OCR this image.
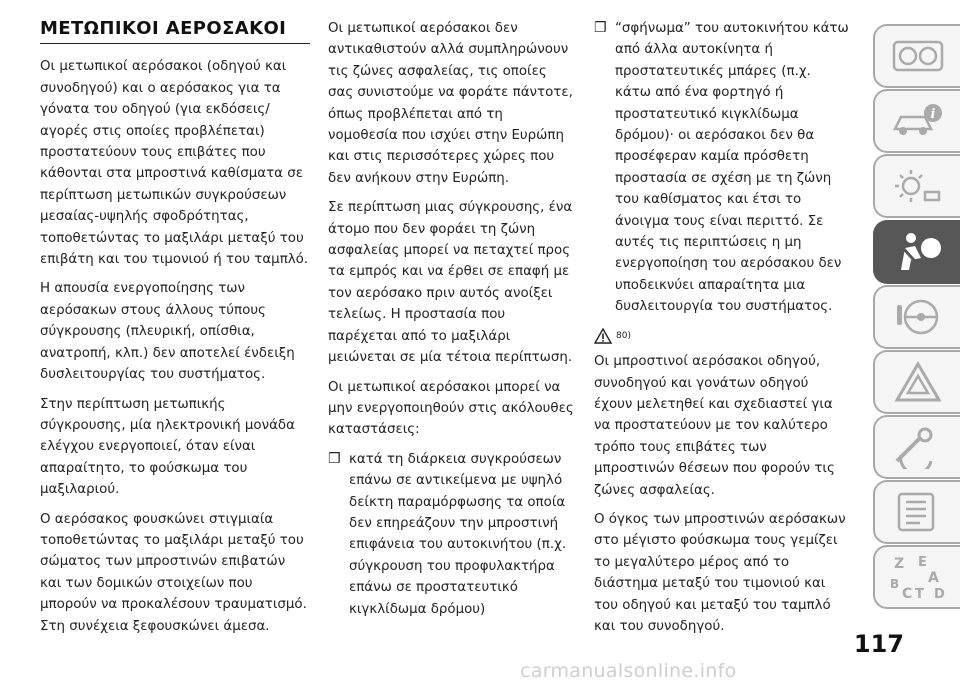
ΜΕΤΩΠΙΚΟΙ ΑΕΡΟΣΑΚΟΙ

Οι μετωπικοί αερόσακοι (οδηγού και συνοδηγού) και ο αερόσακος για τα γόνατα του οδηγού (για εκδόσεις/αγορές στις οποίες προβλέπεται) προστατεύουν τους επιβάτες που κάθονται στα μπροστινά καθίσματα σε περίπτωση μετωπικών συγκρούσεων μεσαίας-υψηλής σφοδρότητας, τοποθετώντας το μαξιλάρι μεταξύ του επιβάτη και του τιμονιού ή του ταμπλό.

Η απουσία ενεργοποίησης των αερόσακων στους άλλους τύπους σύγκρουσης (πλευρική, οπίσθια, ανατροπή, κλπ.) δεν αποτελεί ένδειξη δυσλειτουργίας του συστήματος.

Στην περίπτωση μετωπικής σύγκρουσης, μία ηλεκτρονική μονάδα ελέγχου ενεργοποιεί, όταν είναι απαραίτητο, το φούσκωμα του μαξιλαριού.

Ο αερόσακος φουσκώνει στιγμιαία τοποθετώντας το μαξιλάρι μεταξύ του σώματος των μπροστινών επιβατών και των δομικών στοιχείων που μπορούν να προκαλέσουν τραυματισμό. Στη συνέχεια ξεφουσκώνει άμεσα.

Οι μετωπικοί αερόσακοι δεν αντικαθιστούν αλλά συμπληρώνουν τις ζώνες ασφαλείας, τις οποίες σας συνιστούμε να φοράτε πάντοτε, όπως προβλέπεται από τη νομοθεσία που ισχύει στην Ευρώπη και στις περισσότερες χώρες που δεν ανήκουν στην Ευρώπη.

Σε περίπτωση μιας σύγκρουσης, ένα άτομο που δεν φοράει τη ζώνη ασφαλείας μπορεί να πεταχτεί προς τα εμπρός και να έρθει σε επαφή με τον αερόσακο πριν αυτός ανοίξει τελείως. Η προστασία που παρέχεται από το μαξιλάρι μειώνεται σε μία τέτοια περίπτωση.

Οι μετωπικοί αερόσακοι μπορεί να μην ενεργοποιηθούν στις ακόλουθες καταστάσεις:

❒ κατά τη διάρκεια συγκρούσεων επάνω σε αντικείμενα με υψηλό δείκτη παραμόρφωσης τα οποία δεν επηρεάζουν την μπροστινή επιφάνεια του αυτοκινήτου (π.χ. σύγκρουση του προφυλακτήρα επάνω σε προστατευτικό κιγκλίδωμα δρόμου)
❒ “σφήνωμα” του αυτοκινήτου κάτω από άλλα αυτοκίνητα ή προστατευτικές μπάρες (π.χ. κάτω από ένα φορτηγό ή προστατευτικό κιγκλίδωμα δρόμου)· οι αερόσακοι δεν θα προσέφεραν καμία πρόσθετη προστασία σε σχέση με τη ζώνη του καθίσματος και έτσι το άνοιγμα τους είναι περιττό. Σε αυτές τις περιπτώσεις η μη ενεργοποίηση του αερόσακου δεν υποδεικνύει απαραίτητα μια δυσλειτουργία του συστήματος.
80)

Οι μπροστινοί αερόσακοι οδηγού, συνοδηγού και γονάτων οδηγού έχουν μελετηθεί και σχεδιαστεί για να προστατεύουν με τον καλύτερο τρόπο τους επιβάτες των μπροστινών θέσεων που φορούν τις ζώνες ασφαλείας.

Ο όγκος των μπροστινών αερόσακων στο μέγιστο φούσκωμα τους γεμίζει το μεγαλύτερο μέρος από το διάστημα μεταξύ του τιμονιού και του οδηγού και μεταξύ του ταμπλό και του συνοδηγού.

i
Z E
A
B
C T D
117
carmanualsonline.info
